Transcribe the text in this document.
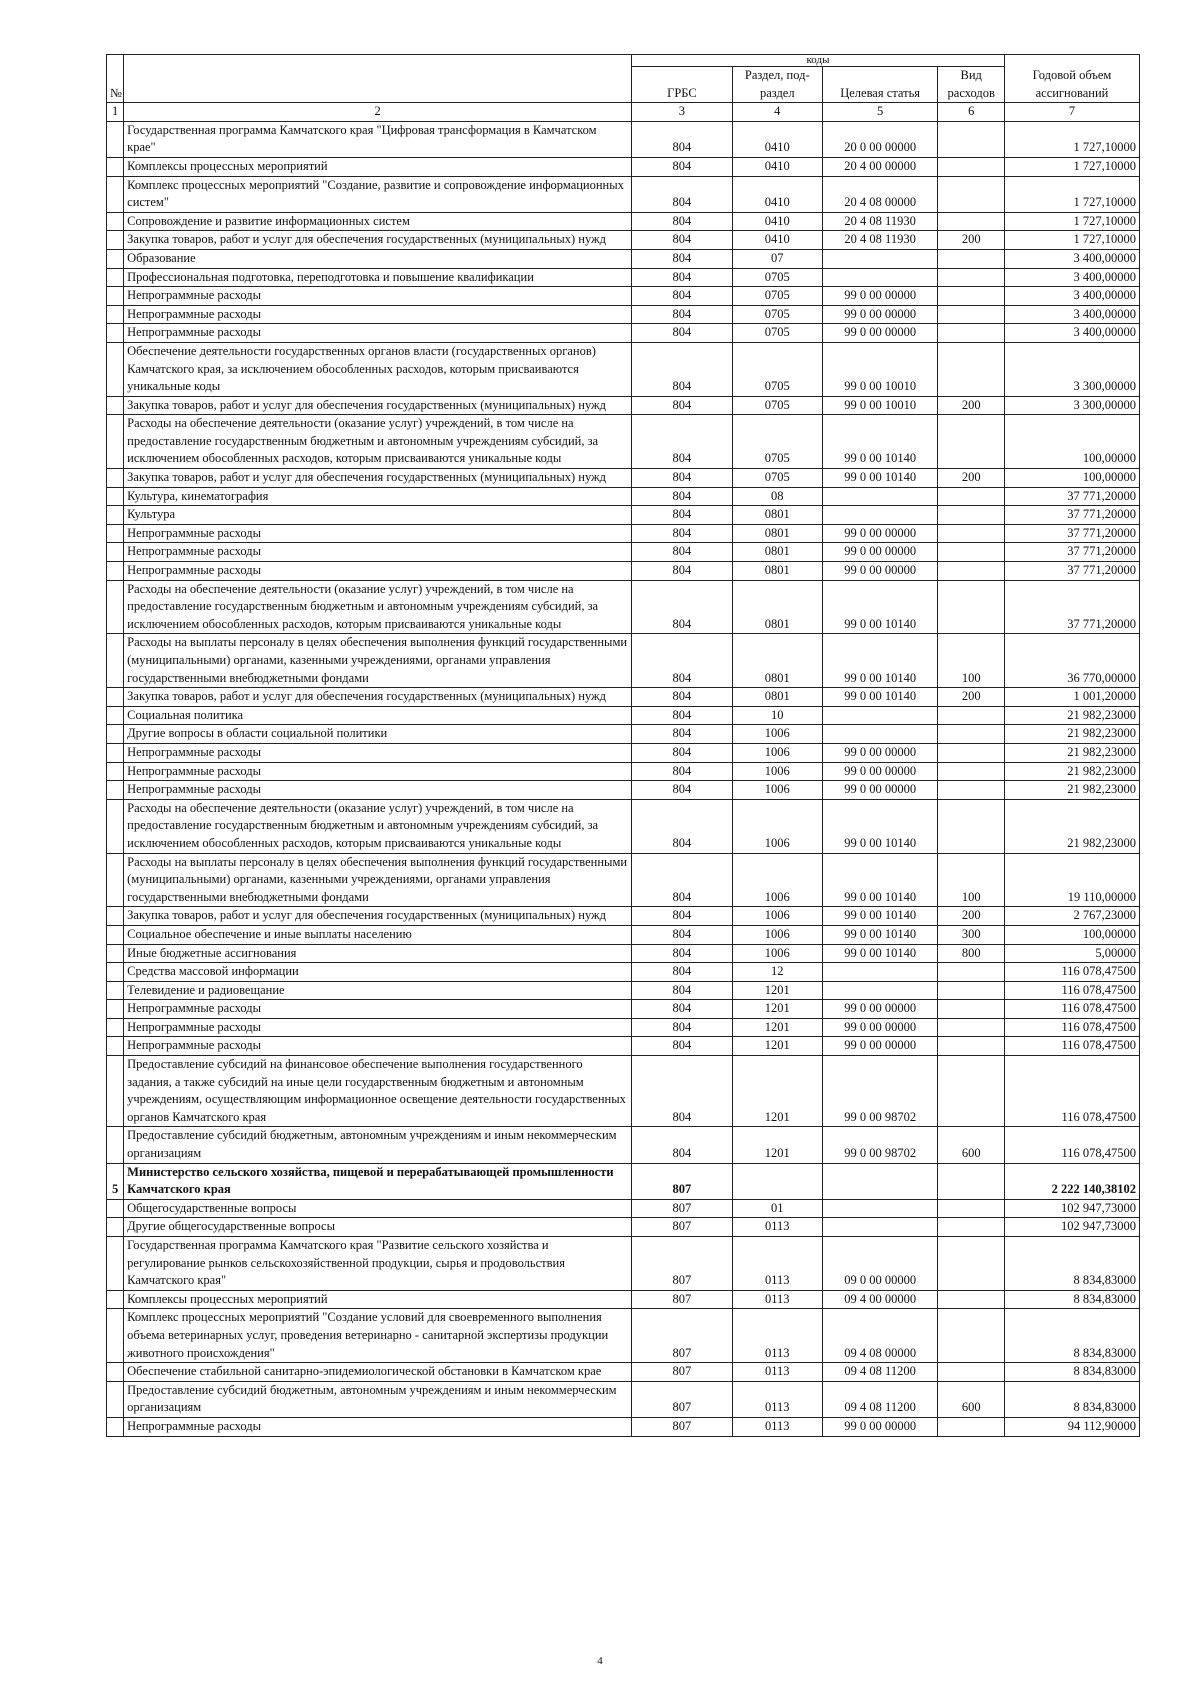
№		коды				Годовой объем ассигнований
		ГРБС	Раздел, под-раздел	Целевая статья	Вид расходов	
1	2	3	4	5	6	7
	Государственная программа Камчатского края "Цифровая трансформация в Камчатском крае"	804	0410	20 0 00 00000		1 727,10000
	Комплексы процессных мероприятий	804	0410	20 4 00 00000		1 727,10000
	Комплекс процессных мероприятий "Создание, развитие и сопровождение информационных систем"	804	0410	20 4 08 00000		1 727,10000
	Сопровождение и развитие информационных систем	804	0410	20 4 08 11930		1 727,10000
	Закупка товаров, работ и услуг для обеспечения государственных (муниципальных) нужд	804	0410	20 4 08 11930	200	1 727,10000
	Образование	804	07			3 400,00000
	Профессиональная подготовка, переподготовка и повышение квалификации	804	0705			3 400,00000
	Непрограммные расходы	804	0705	99 0 00 00000		3 400,00000
	Непрограммные расходы	804	0705	99 0 00 00000		3 400,00000
	Непрограммные расходы	804	0705	99 0 00 00000		3 400,00000
	Обеспечение деятельности государственных органов власти (государственных органов) Камчатского края, за исключением обособленных расходов, которым присваиваются уникальные коды	804	0705	99 0 00 10010		3 300,00000
	Закупка товаров, работ и услуг для обеспечения государственных (муниципальных) нужд	804	0705	99 0 00 10010	200	3 300,00000
	Расходы на обеспечение деятельности (оказание услуг) учреждений, в том числе на предоставление государственным бюджетным и автономным учреждениям субсидий, за исключением обособленных расходов, которым присваиваются уникальные коды	804	0705	99 0 00 10140		100,00000
	Закупка товаров, работ и услуг для обеспечения государственных (муниципальных) нужд	804	0705	99 0 00 10140	200	100,00000
	Культура, кинематография	804	08			37 771,20000
	Культура	804	0801			37 771,20000
	Непрограммные расходы	804	0801	99 0 00 00000		37 771,20000
	Непрограммные расходы	804	0801	99 0 00 00000		37 771,20000
	Непрограммные расходы	804	0801	99 0 00 00000		37 771,20000
	Расходы на обеспечение деятельности (оказание услуг) учреждений, в том числе на предоставление государственным бюджетным и автономным учреждениям субсидий, за исключением обособленных расходов, которым присваиваются уникальные коды	804	0801	99 0 00 10140		37 771,20000
	Расходы на выплаты персоналу в целях обеспечения выполнения функций государственными (муниципальными) органами, казенными учреждениями, органами управления государственными внебюджетными фондами	804	0801	99 0 00 10140	100	36 770,00000
	Закупка товаров, работ и услуг для обеспечения государственных (муниципальных) нужд	804	0801	99 0 00 10140	200	1 001,20000
	Социальная политика	804	10			21 982,23000
	Другие вопросы в области социальной политики	804	1006			21 982,23000
	Непрограммные расходы	804	1006	99 0 00 00000		21 982,23000
	Непрограммные расходы	804	1006	99 0 00 00000		21 982,23000
	Непрограммные расходы	804	1006	99 0 00 00000		21 982,23000
	Расходы на обеспечение деятельности (оказание услуг) учреждений, в том числе на предоставление государственным бюджетным и автономным учреждениям субсидий, за исключением обособленных расходов, которым присваиваются уникальные коды	804	1006	99 0 00 10140		21 982,23000
	Расходы на выплаты персоналу в целях обеспечения выполнения функций государственными (муниципальными) органами, казенными учреждениями, органами управления государственными внебюджетными фондами	804	1006	99 0 00 10140	100	19 110,00000
	Закупка товаров, работ и услуг для обеспечения государственных (муниципальных) нужд	804	1006	99 0 00 10140	200	2 767,23000
	Социальное обеспечение и иные выплаты населению	804	1006	99 0 00 10140	300	100,00000
	Иные бюджетные ассигнования	804	1006	99 0 00 10140	800	5,00000
	Средства массовой информации	804	12			116 078,47500
	Телевидение и радиовещание	804	1201			116 078,47500
	Непрограммные расходы	804	1201	99 0 00 00000		116 078,47500
	Непрограммные расходы	804	1201	99 0 00 00000		116 078,47500
	Непрограммные расходы	804	1201	99 0 00 00000		116 078,47500
	Предоставление субсидий на финансовое обеспечение выполнения государственного задания, а также субсидий на иные цели государственным бюджетным и автономным учреждениям, осуществляющим информационное освещение деятельности государственных органов Камчатского края	804	1201	99 0 00 98702		116 078,47500
	Предоставление субсидий бюджетным, автономным учреждениям и иным некоммерческим организациям	804	1201	99 0 00 98702	600	116 078,47500
5	Министерство сельского хозяйства, пищевой и перерабатывающей промышленности Камчатского края	807				2 222 140,38102
	Общегосударственные вопросы	807	01			102 947,73000
	Другие общегосударственные вопросы	807	0113			102 947,73000
	Государственная программа Камчатского края "Развитие сельского хозяйства и регулирование рынков сельскохозяйственной продукции, сырья и продовольствия Камчатского края"	807	0113	09 0 00 00000		8 834,83000
	Комплексы процессных мероприятий	807	0113	09 4 00 00000		8 834,83000
	Комплекс процессных мероприятий "Создание условий для своевременного выполнения объема ветеринарных услуг, проведения ветеринарно - санитарной экспертизы продукции животного происхождения"	807	0113	09 4 08 00000		8 834,83000
	Обеспечение стабильной санитарно-эпидемиологической обстановки в Камчатском крае	807	0113	09 4 08 11200		8 834,83000
	Предоставление субсидий бюджетным, автономным учреждениям и иным некоммерческим организациям	807	0113	09 4 08 11200	600	8 834,83000
	Непрограммные расходы	807	0113	99 0 00 00000		94 112,90000
4
